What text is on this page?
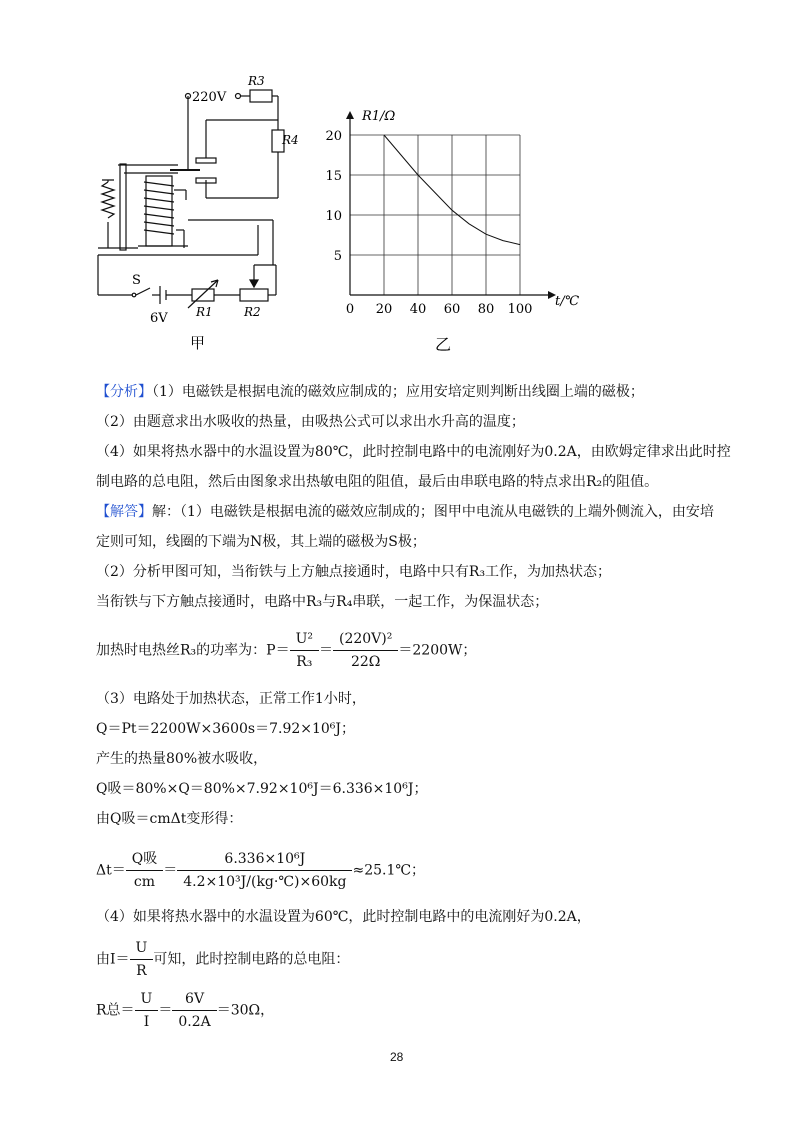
220V
R3
R4
S
6V R1	R2
甲
R1/Ω
t/℃
乙
0 20 40 60 80 100
5
10
15
20
【分析】（1）电磁铁是根据电流的磁效应制成的；应用安培定则判断出线圈上端的磁极；
（2）由题意求出水吸收的热量，由吸热公式可以求出水升高的温度；
（4）如果将热水器中的水温设置为80℃，此时控制电路中的电流刚好为0.2A，由欧姆定律求出此时控
制电路的总电阻，然后由图象求出热敏电阻的阻值，最后由串联电路的特点求出R₂的阻值。
【解答】解：（1）电磁铁是根据电流的磁效应制成的；图甲中电流从电磁铁的上端外侧流入，由安培
定则可知，线圈的下端为N极，其上端的磁极为S极；
（2）分析甲图可知，当衔铁与上方触点接通时，电路中只有R₃工作，为加热状态；
当衔铁与下方触点接通时，电路中R₃与R₄串联，一起工作，为保温状态；
加热时电热丝R₃的功率为：$P= \frac{\text{U²}}{\text{R₃}} = \frac{\text{(220V)²}}{22\Omega} =2200W$；
（3）电路处于加热状态，正常工作1小时，
Q＝Pt＝2200W×3600s＝7.92×10⁶J；
产生的热量80%被水吸收，
Q吸＝80%×Q＝80%×7.92×10⁶J＝6.336×10⁶J；
由Q吸＝cmΔt变形得：
$\Delta t= \frac{\text{Q吸}}{cm} = \frac{\text{6.336×10⁶J}}{\text{4.2×10³J/(kg·℃)×60kg}}$ ≈25.1℃；
（4）如果将热水器中的水温设置为60℃，此时控制电路中的电流刚好为0.2A，
由$I= \frac{U}{R}$ 可知，此时控制电路的总电阻：
R总＝ $\frac{U}{I} = \frac{6V}{0.2A} =30\Omega$，
28
